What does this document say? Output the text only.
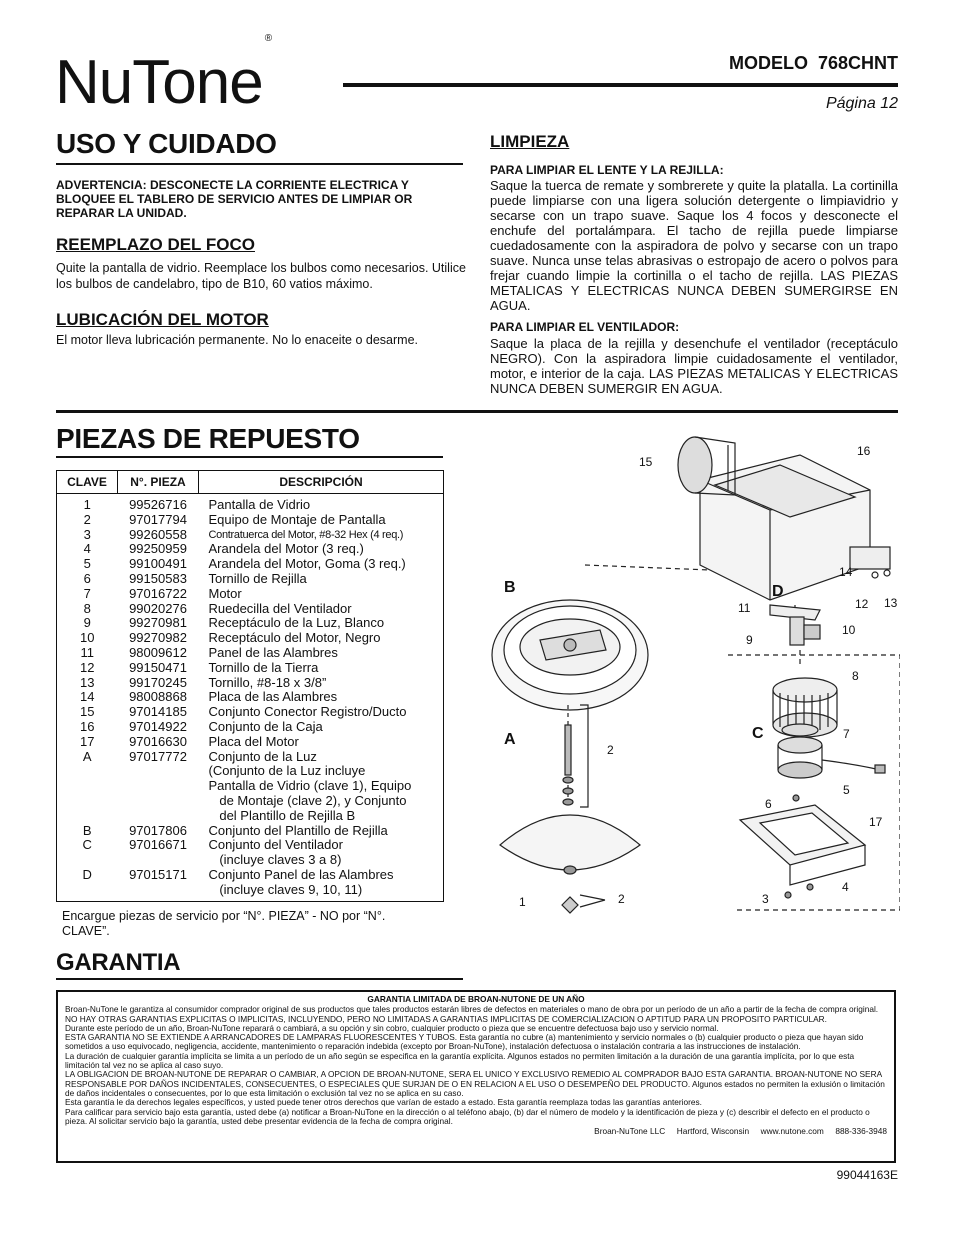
NuTone®
MODELO  768CHNT
Página 12
USO Y CUIDADO
ADVERTENCIA: DESCONECTE LA CORRIENTE ELECTRICA Y BLOQUEE EL TABLERO DE SERVICIO ANTES DE LIMPIAR OR REPARAR LA UNIDAD.
REEMPLAZO DEL FOCO
Quite la pantalla de vidrio. Reemplace los bulbos como necesarios. Utilice los bulbos de candelabro, tipo de B10, 60 vatios máximo.
LUBICACIÓN DEL MOTOR
El motor lleva lubricación permanente. No lo enaceite o desarme.
LIMPIEZA
PARA LIMPIAR EL LENTE Y LA REJILLA:
Saque la tuerca de remate y sombrerete y quite la platalla. La cortinilla puede limpiarse con una ligera solución detergente o limpiavidrio y secarse con un trapo suave. Saque los 4 focos y desconecte el enchufe del portalámpara. El tacho de rejilla puede limpiarse cuedadosamente con la aspiradora de polvo y secarse con un trapo suave. Nunca unse telas abrasivas o estropajo de acero o polvos para frejar cuando limpie la cortinilla o el tacho de rejilla. LAS PIEZAS METALICAS Y ELECTRICAS NUNCA DEBEN SUMERGIRSE EN AGUA.
PARA LIMPIAR EL VENTILADOR:
Saque la placa de la rejilla y desenchufe el ventilador (receptáculo NEGRO). Con la aspiradora limpie cuidadosamente el ventilador, motor, e interior de la caja. LAS PIEZAS METALICAS Y ELECTRICAS NUNCA DEBEN SUMERGIR EN AGUA.
PIEZAS DE REPUESTO
CLAVE	N°. PIEZA	DESCRIPCIÓN
1	99526716	Pantalla de Vidrio
2	97017794	Equipo de Montaje de Pantalla
3	99260558	Contratuerca del Motor, #8-32 Hex (4 req.)
4	99250959	Arandela del Motor (3 req.)
5	99100491	Arandela del Motor, Goma (3 req.)
6	99150583	Tornillo de Rejilla
7	97016722	Motor
8	99020276	Ruedecilla del Ventilador
9	99270981	Receptáculo de la Luz, Blanco
10	99270982	Receptáculo del Motor, Negro
11	98009612	Panel de las Alambres
12	99150471	Tornillo de la Tierra
13	99170245	Tornillo, #8-18 x 3/8”
14	98008868	Placa de las Alambres
15	97014185	Conjunto Conector Registro/Ducto
16	97014922	Conjunto de la Caja
17	97016630	Placa del Motor
A	97017772	Conjunto de la Luz
		(Conjunto de la Luz incluye
		Pantalla de Vidrio (clave 1), Equipo
		de Montaje (clave 2), y Conjunto
		del Plantillo de Rejilla B
B	97017806	Conjunto del Plantillo de Rejilla
C	97016671	Conjunto del Ventilador
		(incluye claves 3 a 8)
D	97015171	Conjunto Panel de las Alambres
		(incluye claves 9, 10, 11)
Encargue piezas de servicio por “N°. PIEZA” - NO por “N°. CLAVE”.
15
16
14
12 13
11
10
9
8
7
5
6
17
4
3
2
2
1
A
B
C
D
GARANTIA
GARANTIA LIMITADA DE BROAN-NUTONE DE UN AÑO
Broan-NuTone le garantiza al consumidor comprador original de sus productos que tales productos estarán libres de defectos en materiales o mano de obra por un período de un año a partir de la fecha de compra original. NO HAY OTRAS GARANTIAS EXPLICITAS O IMPLICITAS, INCLUYENDO, PERO NO LIMITADAS A GARANTIAS IMPLICITAS DE COMERCIALIZACION O APTITUD PARA UN PROPOSITO PARTICULAR.
Durante este período de un año, Broan-NuTone reparará o cambiará, a su opción y sin cobro, cualquier producto o pieza que se encuentre defectuosa bajo uso y servicio normal.
ESTA GARANTIA NO SE EXTIENDE A ARRANCADORES DE LAMPARAS FLUORESCENTES Y TUBOS. Esta garantía no cubre (a) mantenimiento y servicio normales o (b) cualquier producto o pieza que hayan sido sometidos a uso equivocado, negligencia, accidente, mantenimiento o reparación indebida (excepto por Broan-NuTone), instalación defectuosa o instalación contraria a las instrucciones de instalación.
La duración de cualquier garantía implícita se limita a un período de un año según se especifica en la garantía explícita. Algunos estados no permiten limitación a la duración de una garantía implícita, por lo que esta limitación tal vez no se aplica al caso suyo.
LA OBLIGACION DE BROAN-NUTONE DE REPARAR O CAMBIAR, A OPCION DE BROAN-NUTONE, SERA EL UNICO Y EXCLUSIVO REMEDIO AL COMPRADOR BAJO ESTA GARANTIA. BROAN-NUTONE NO SERA RESPONSABLE POR DAÑOS INCIDENTALES, CONSECUENTES, O ESPECIALES QUE SURJAN DE O EN RELACION A EL USO O DESEMPEÑO DEL PRODUCTO. Algunos estados no permiten la exlusión o limitación de daños incidentales o consecuentes, por lo que esta limitación o exclusión tal vez no se aplica en su caso.
Esta garantía le da derechos legales específicos, y usted puede tener otros derechos que varían de estado a estado. Esta garantía reemplaza todas las garantías anteriores.
Para calificar para servicio bajo esta garantía, usted debe (a) notificar a Broan-NuTone en la dirección o al teléfono abajo, (b) dar el número de modelo y la identificación de pieza y (c) describir el defecto en el producto o pieza. Al solicitar servicio bajo la garantía, usted debe presentar evidencia de la fecha de compra original.
Broan-NuTone LLC     Hartford, Wisconsin     www.nutone.com     888-336-3948
99044163E
